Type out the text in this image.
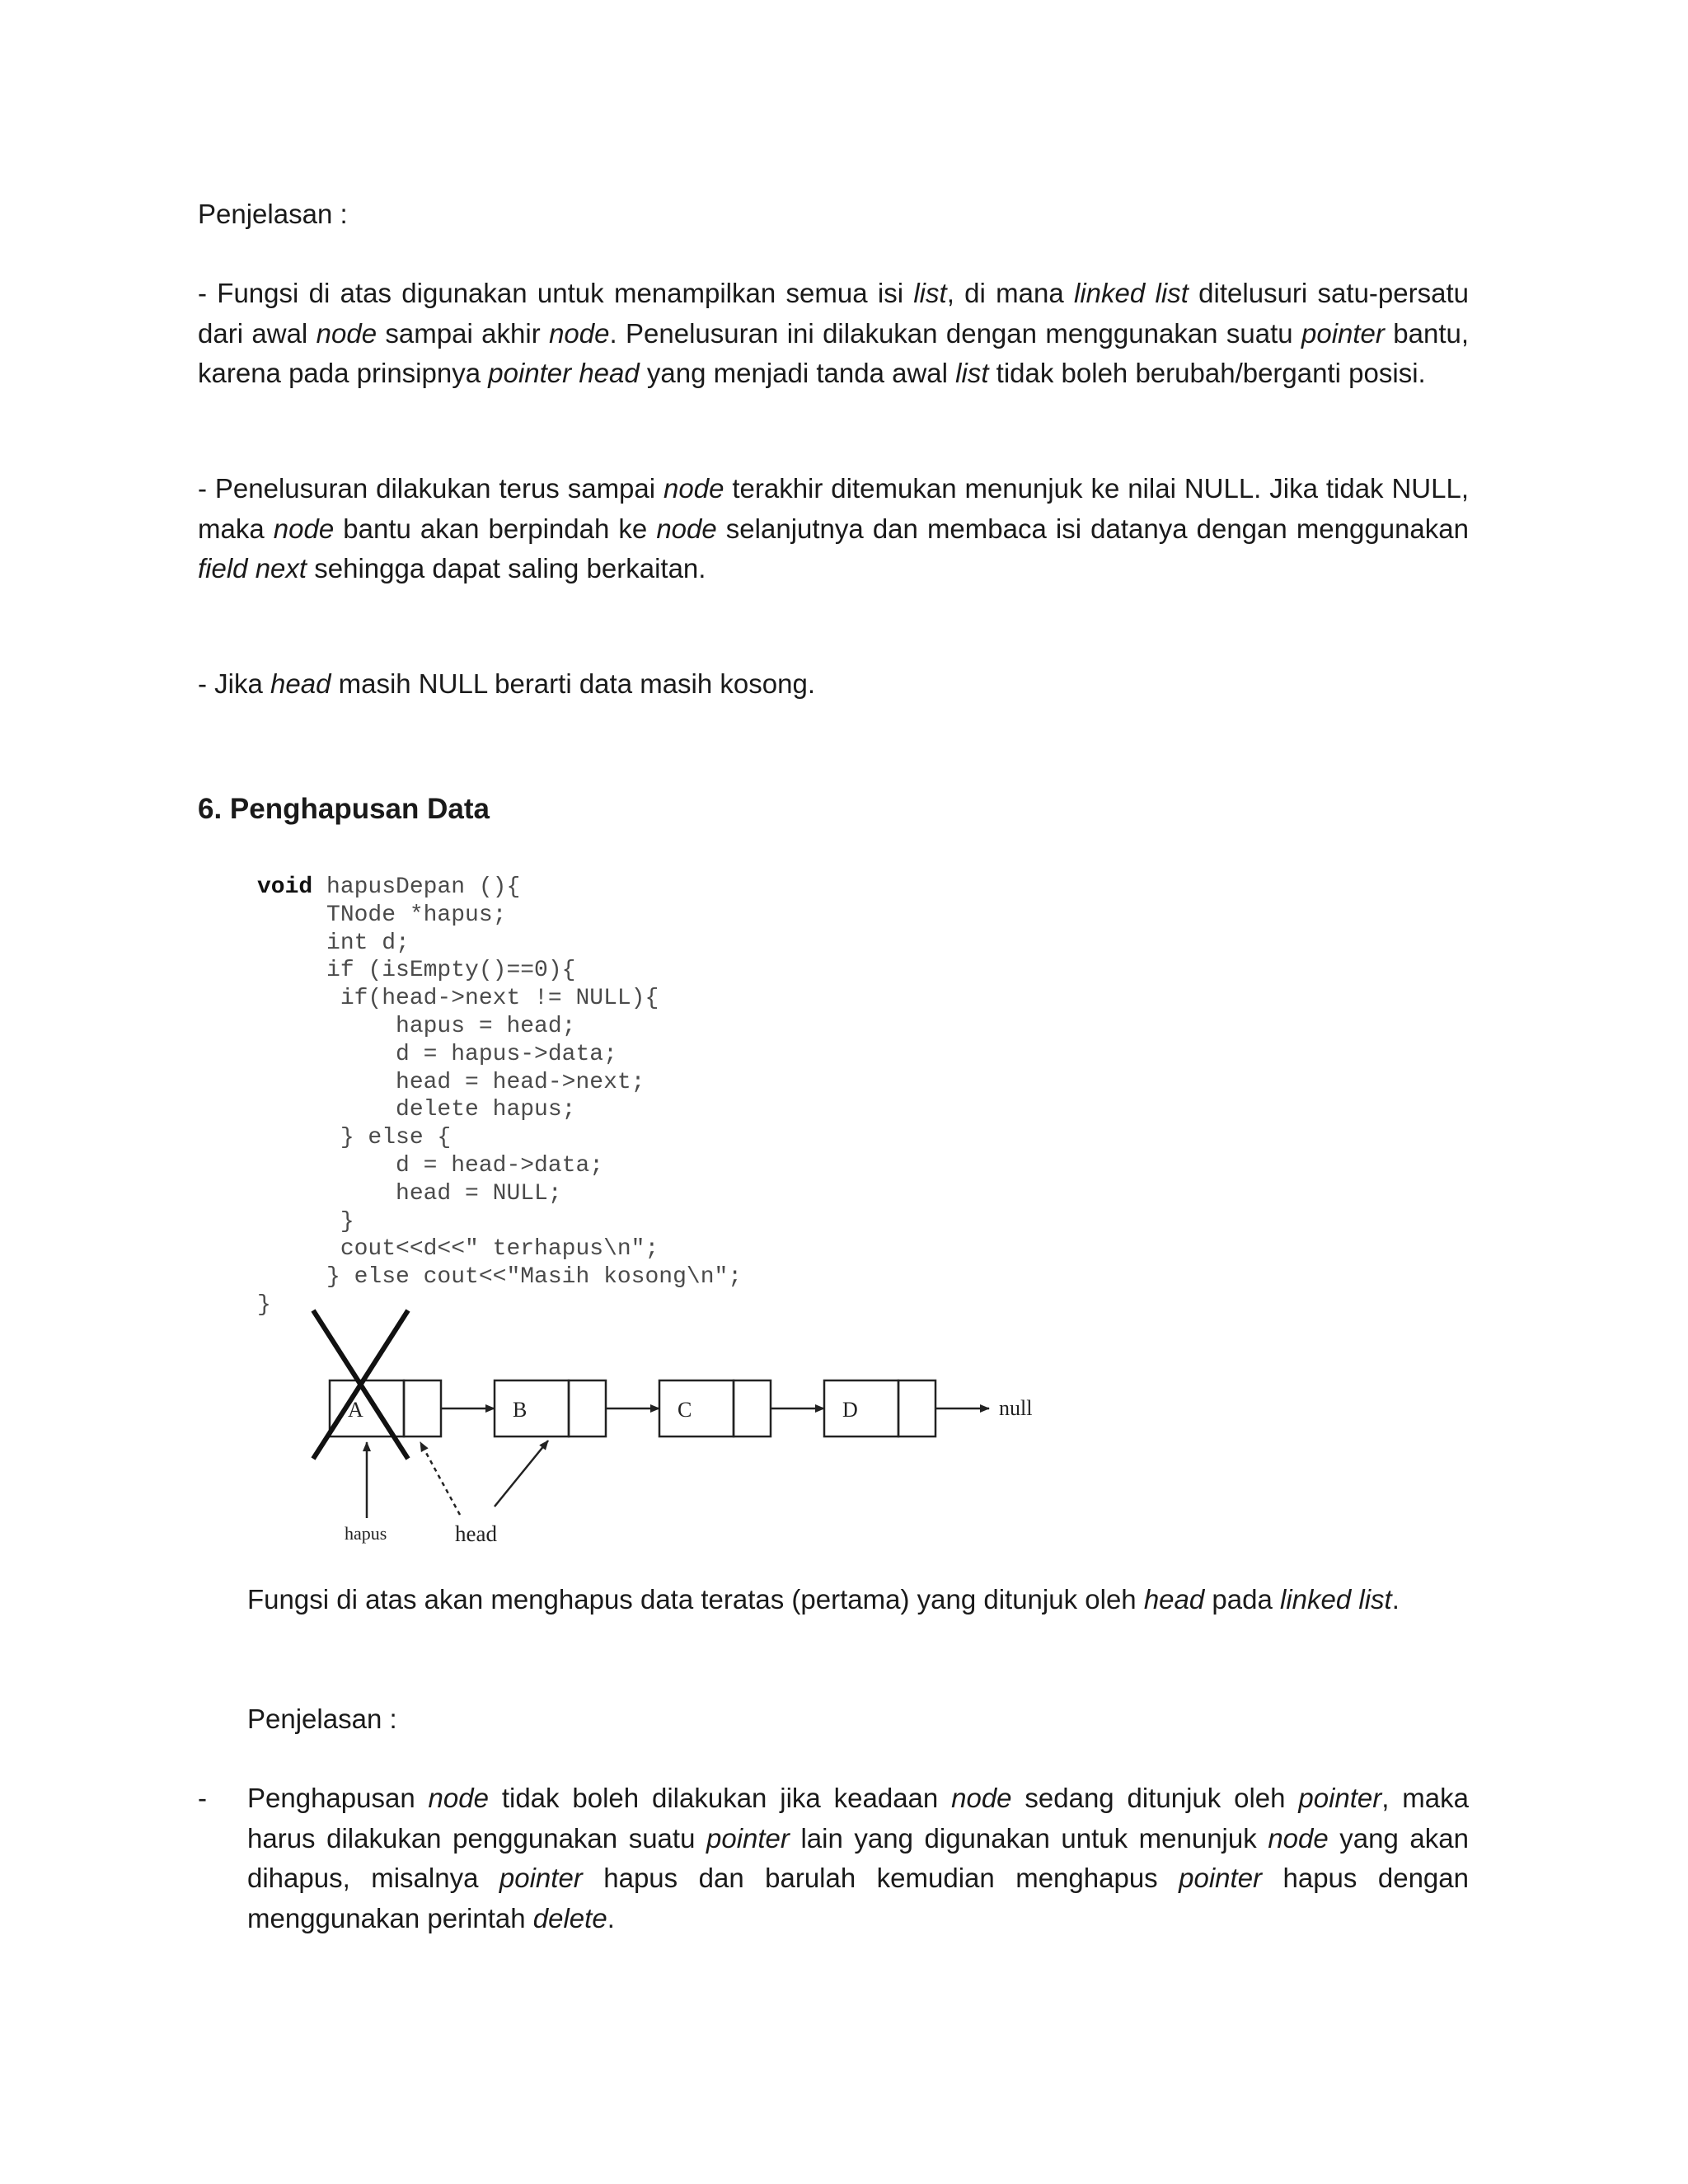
Penjelasan :

- Fungsi di atas digunakan untuk menampilkan semua isi list, di mana linked list ditelusuri satu-persatu dari awal node sampai akhir node. Penelusuran ini dilakukan dengan menggunakan suatu pointer bantu, karena pada prinsipnya pointer head yang menjadi tanda awal list tidak boleh berubah/berganti posisi.

- Penelusuran dilakukan terus sampai node terakhir ditemukan menunjuk ke nilai NULL. Jika tidak NULL, maka node bantu akan berpindah ke node selanjutnya dan membaca isi datanya dengan menggunakan field next sehingga dapat saling berkaitan.

- Jika head masih NULL berarti data masih kosong.

6. Penghapusan Data
void hapusDepan (){
TNode *hapus;
int d;
if (isEmpty()==0){
if(head->next != NULL){
hapus = head;
d = hapus->data;
head = head->next;
delete hapus;
} else {
d = head->data;
head = NULL;
}
cout<<d<<" terhapus\n";
} else cout<<"Masih kosong\n";
}
A	B	C	D	null
hapus	head

Fungsi di atas akan menghapus data teratas (pertama) yang ditunjuk oleh head pada linked list.

Penjelasan :
- Penghapusan node tidak boleh dilakukan jika keadaan node sedang ditunjuk oleh pointer, maka harus dilakukan penggunakan suatu pointer lain yang digunakan untuk menunjuk node yang akan dihapus, misalnya pointer hapus dan barulah kemudian menghapus pointer hapus dengan menggunakan perintah delete.
